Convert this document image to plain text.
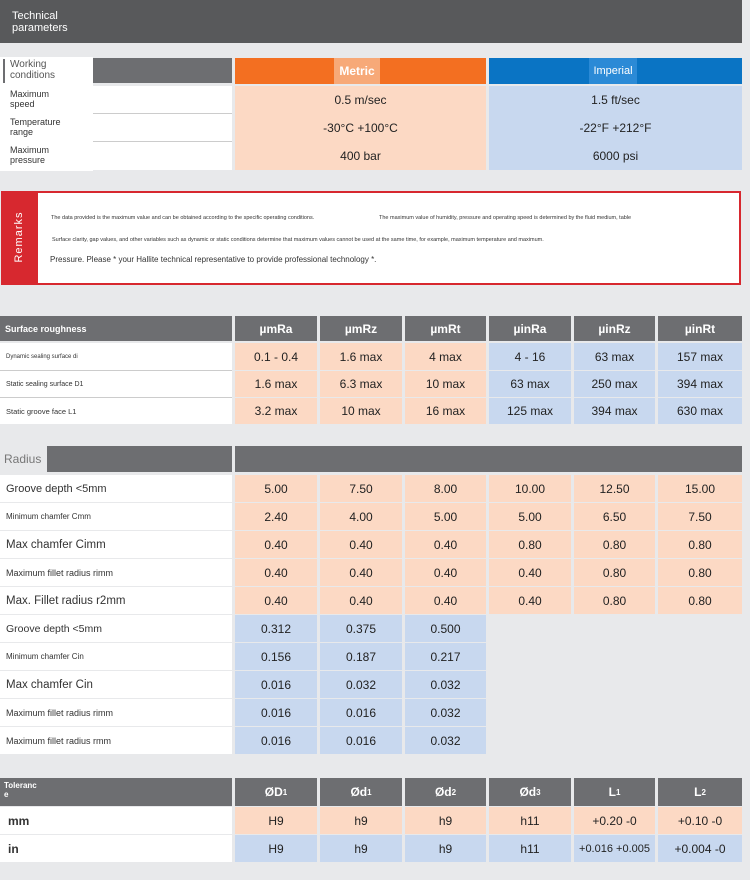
Technical
parameters
Working
conditions	Metric	Imperial
Maximum
speed	0.5 m/sec	1.5 ft/sec
Temperature
range	-30°C +100°C	-22°F +212°F
Maximum
pressure	400 bar	6000 psi
Remarks	The data provided is the maximum value and can be obtained according to the specific operating conditions.	The maximum value of humidity, pressure and operating speed is determined by the fluid medium, table
Surface clarity, gap values, and other variables such as dynamic or static conditions determine that maximum values cannot be used at the same time, for example, maximum temperature and maximum.
Pressure. Please * your Hallite technical representative to provide professional technology *.
Surface roughness	µmRa	µmRz	µmRt	µinRa	µinRz	µinRt
Dynamic sealing surface di	0.1 - 0.4	1.6 max	4 max	4 - 16	63 max	157 max
Static sealing surface D1	1.6 max	6.3 max	10 max	63 max	250 max	394 max
Static groove face L1	3.2 max	10 max	16 max	125 max	394 max	630 max
Radius
Groove depth <5mm	5.00	7.50	8.00	10.00	12.50	15.00
Minimum chamfer Cmm	2.40	4.00	5.00	5.00	6.50	7.50
Max chamfer Cimm	0.40	0.40	0.40	0.80	0.80	0.80
Maximum fillet radius rimm	0.40	0.40	0.40	0.40	0.80	0.80
Max. Fillet radius r2mm	0.40	0.40	0.40	0.40	0.80	0.80
Groove depth <5mm	0.312	0.375	0.500
Minimum chamfer Cin	0.156	0.187	0.217
Max chamfer Cin	0.016	0.032	0.032
Maximum fillet radius rimm	0.016	0.016	0.032
Maximum fillet radius rmm	0.016	0.016	0.032
Toleranc
e	ØD 1	Ød 1	Ød 2	Ød 3	L 1	L 2
mm	H9	h9	h9	h11	+0.20 -0	+0.10 -0
in	H9	h9	h9	h11	+0.016 +0.005	+0.004 -0
